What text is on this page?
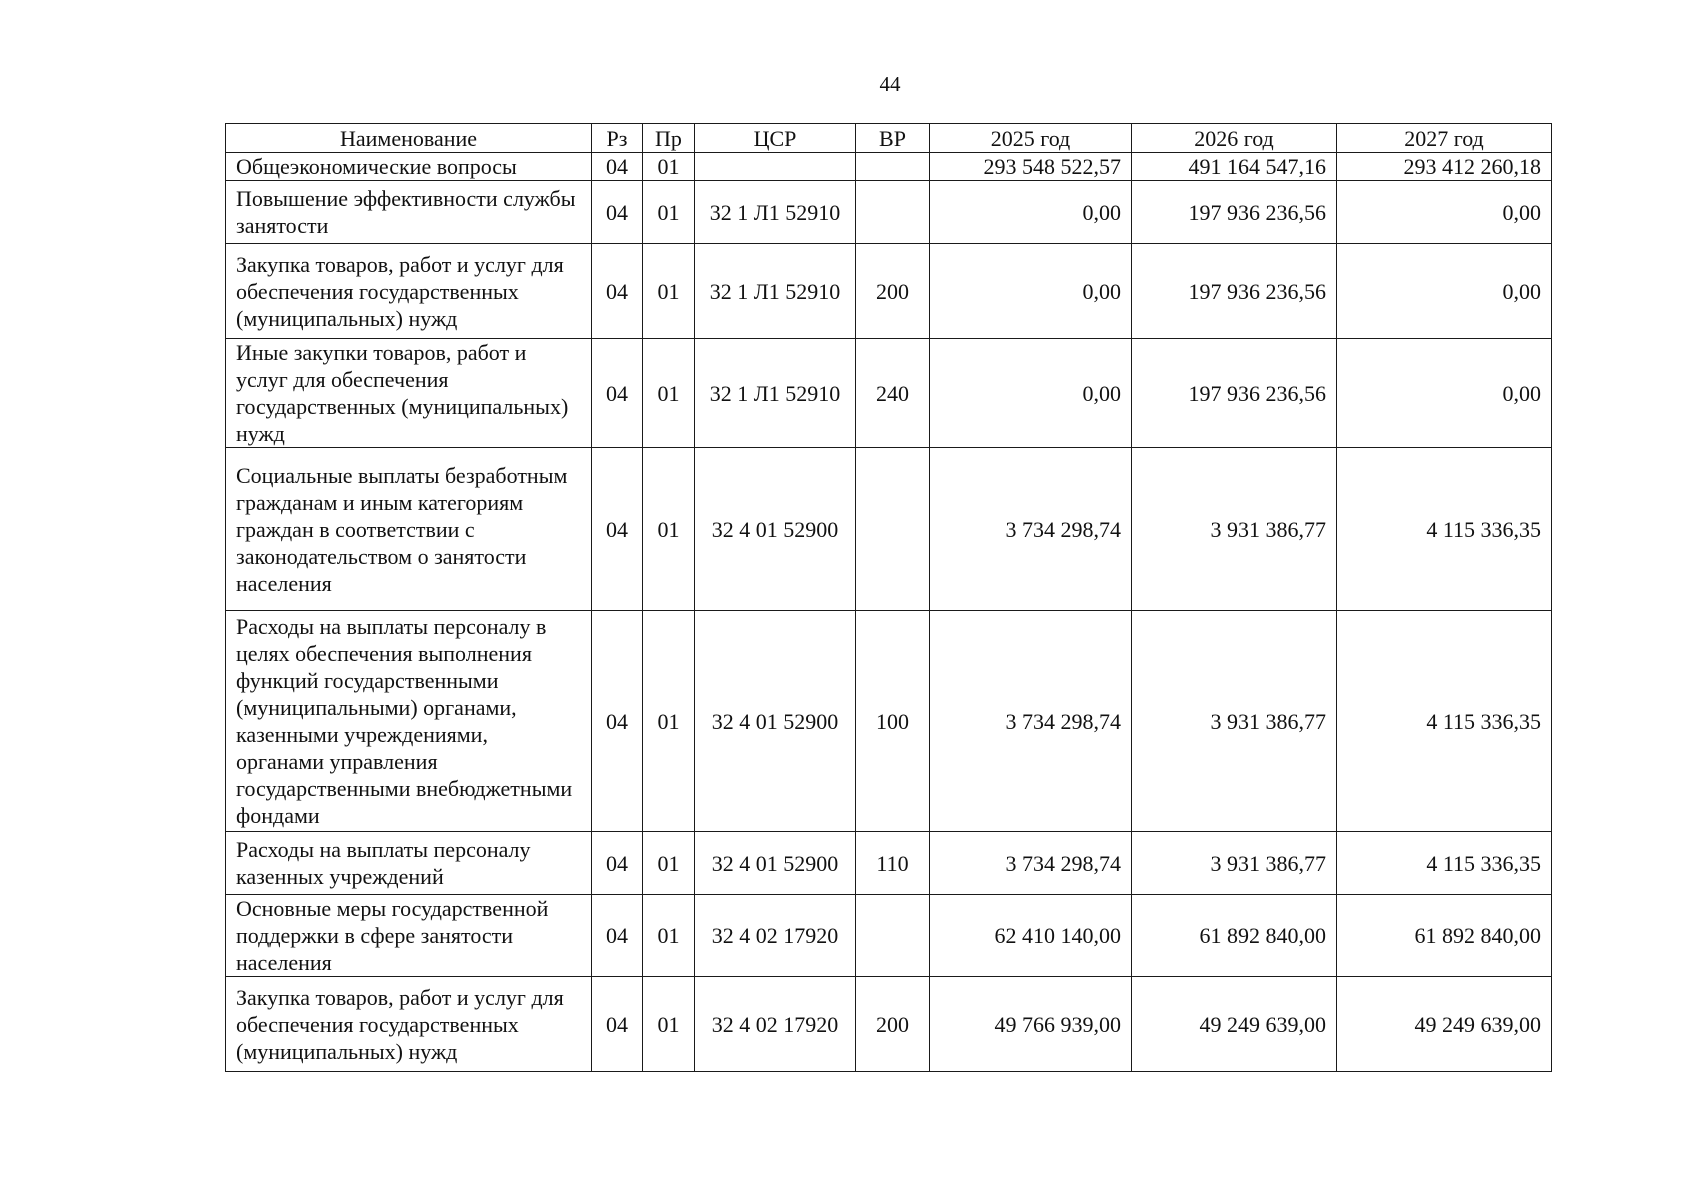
44
Наименование	Рз	Пр	ЦСР	ВР	2025 год	2026 год	2027 год
Общеэкономические вопросы	04	01			293 548 522,57	491 164 547,16	293 412 260,18
Повышение эффективности службы занятости	04	01	32 1 Л1 52910		0,00	197 936 236,56	0,00
Закупка товаров, работ и услуг для обеспечения государственных (муниципальных) нужд	04	01	32 1 Л1 52910	200	0,00	197 936 236,56	0,00
Иные закупки товаров, работ и услуг для обеспечения государственных (муниципальных) нужд	04	01	32 1 Л1 52910	240	0,00	197 936 236,56	0,00
Социальные выплаты безработным гражданам и иным категориям граждан в соответствии с законодательством о занятости населения	04	01	32 4 01 52900		3 734 298,74	3 931 386,77	4 115 336,35
Расходы на выплаты персоналу в целях обеспечения выполнения функций государственными (муниципальными) органами, казенными учреждениями, органами управления государственными внебюджетными фондами	04	01	32 4 01 52900	100	3 734 298,74	3 931 386,77	4 115 336,35
Расходы на выплаты персоналу казенных учреждений	04	01	32 4 01 52900	110	3 734 298,74	3 931 386,77	4 115 336,35
Основные меры государственной поддержки в сфере занятости населения	04	01	32 4 02 17920		62 410 140,00	61 892 840,00	61 892 840,00
Закупка товаров, работ и услуг для обеспечения государственных (муниципальных) нужд	04	01	32 4 02 17920	200	49 766 939,00	49 249 639,00	49 249 639,00
